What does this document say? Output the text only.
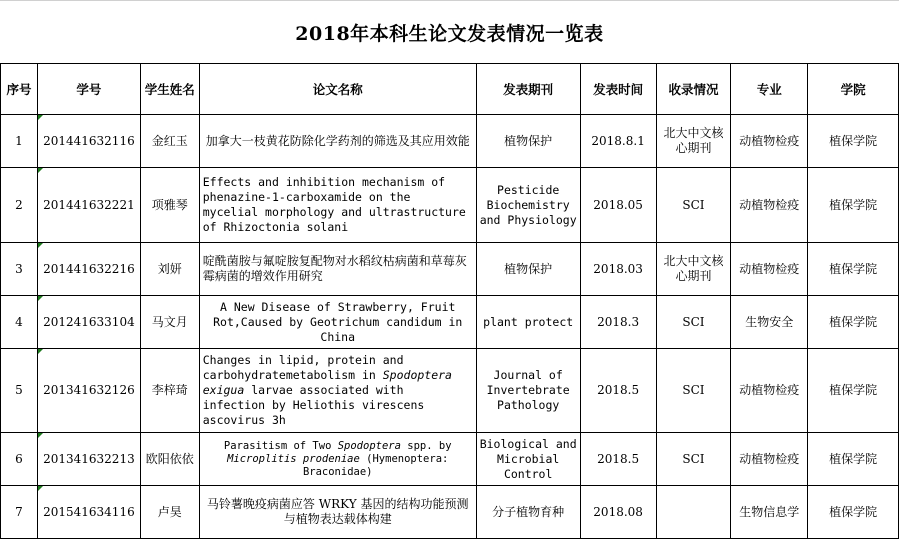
2018年本科生论文发表情况一览表
序号	学号	学生姓名	论文名称	发表期刊	发表时间	收录情况	专业	学院
1	201441632116	金红玉	加拿大一枝黄花防除化学药剂的筛选及其应用效能	植物保护	2018.8.1	北大中文核心期刊	动植物检疫	植保学院
2	201441632221	项雅琴	Effects and inhibition mechanism of phenazine-1-carboxamide on the mycelial morphology and ultrastructure of Rhizoctonia solani	Pesticide Biochemistry and Physiology	2018.05	SCI	动植物检疫	植保学院
3	201441632216	刘妍	啶酰菌胺与氟啶胺复配物对水稻纹枯病菌和草莓灰霉病菌的增效作用研究	植物保护	2018.03	北大中文核心期刊	动植物检疫	植保学院
4	201241633104	马文月	A New Disease of Strawberry, Fruit Rot,Caused by Geotrichum candidum in China	plant protect	2018.3	SCI	生物安全	植保学院
5	201341632126	李梓琦	Changes in lipid, protein and carbohydratemetabolism in Spodoptera exigua larvae associated with infection by Heliothis virescens ascovirus 3h	Journal of Invertebrate Pathology	2018.5	SCI	动植物检疫	植保学院
6	201341632213	欧阳依依	Parasitism of Two Spodoptera spp. by Microplitis prodeniae (Hymenoptera: Braconidae)	Biological and Microbial Control	2018.5	SCI	动植物检疫	植保学院
7	201541634116	卢昊	马铃薯晚疫病菌应答 WRKY 基因的结构功能预测与植物表达载体构建	分子植物育种	2018.08		生物信息学	植保学院
